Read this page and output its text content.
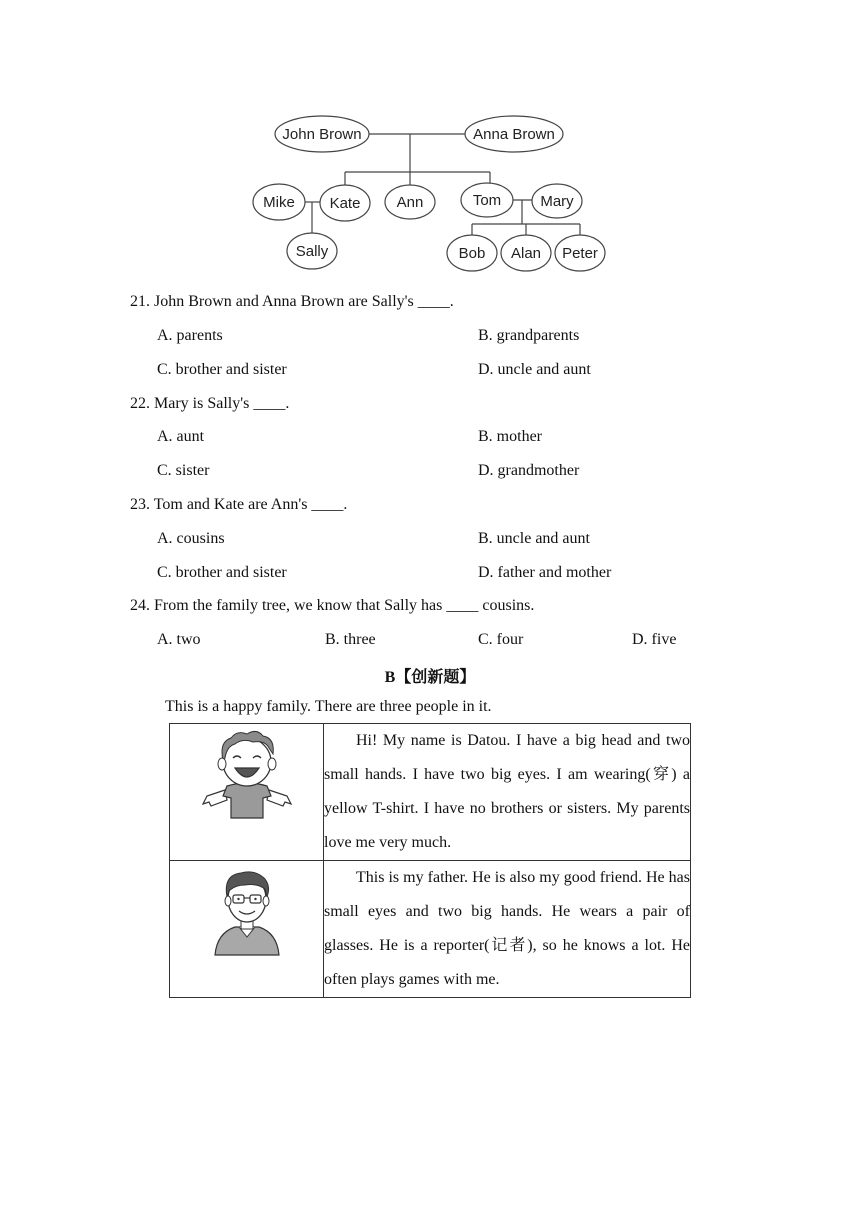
John Brown	Anna Brown
Mike Kate Ann	Tom	Mary
Sally	Bob Alan Peter
21. John Brown and Anna Brown are Sally's ____.
A. parents	B. grandparents
C. brother and sister	D. uncle and aunt
22. Mary is Sally's ____.
A. aunt	B. mother
C. sister	D. grandmother
23. Tom and Kate are Ann's ____.
A. cousins	B. uncle and aunt
C. brother and sister	D. father and mother
24. From the family tree, we know that Sally has ____ cousins.
A. two	B. three	C. four	D. five
B【创新题】
This is a happy family. There are three people in it.
	Hi! My name is Datou. I have a big head and two small hands. I have two big eyes. I am wearing(穿) a yellow T-shirt. I have no brothers or sisters. My parents love me very much.
	This is my father. He is also my good friend. He has small eyes and two big hands. He wears a pair of glasses. He is a reporter(记者), so he knows a lot. He often plays games with me.
